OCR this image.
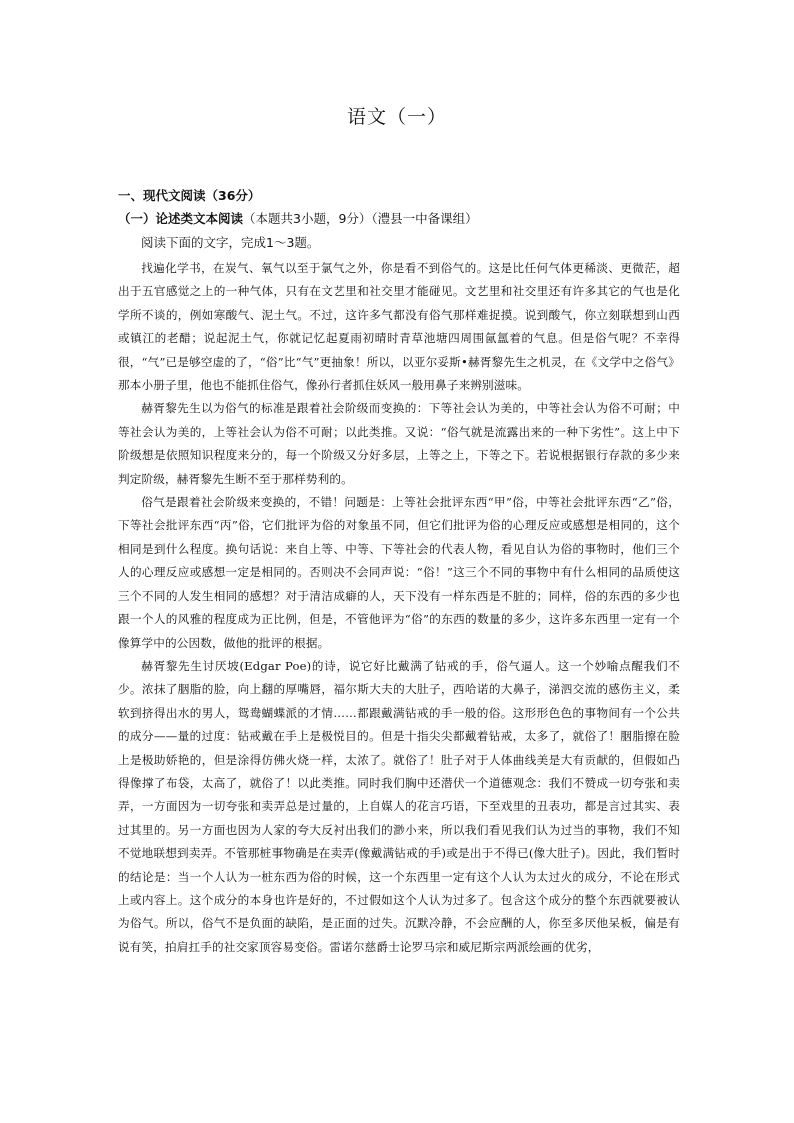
语文（一）
一、现代文阅读（36分）
（一）论述类文本阅读（本题共3小题，9分）（澧县一中备课组）
阅读下面的文字，完成1～3题。

找遍化学书，在炭气、氧气以至于氯气之外，你是看不到俗气的。这是比任何气体更稀淡、更微茫，超出于五官感觉之上的一种气体，只有在文艺里和社交里才能碰见。文艺里和社交里还有许多其它的气也是化学所不谈的，例如寒酸气、泥土气。不过，这许多气都没有俗气那样难捉摸。说到酸气，你立刻联想到山西或镇江的老醋；说起泥土气，你就记忆起夏雨初晴时青草池塘四周围氤氲着的气息。但是俗气呢？不幸得很，“气”已是够空虚的了，“俗”比“气”更抽象！所以，以亚尔妥斯•赫胥黎先生之机灵，在《文学中之俗气》那本小册子里，他也不能抓住俗气，像孙行者抓住妖风一般用鼻子来辨别滋味。

赫胥黎先生以为俗气的标准是跟着社会阶级而变换的：下等社会认为美的，中等社会认为俗不可耐；中等社会认为美的，上等社会认为俗不可耐；以此类推。又说：“俗气就是流露出来的一种下劣性”。这上中下阶级想是依照知识程度来分的，每一个阶级又分好多层，上等之上，下等之下。若说根据银行存款的多少来判定阶级，赫胥黎先生断不至于那样势利的。

俗气是跟着社会阶级来变换的，不错！问题是：上等社会批评东西“甲”俗，中等社会批评东西“乙”俗，下等社会批评东西“丙”俗，它们批评为俗的对象虽不同，但它们批评为俗的心理反应或感想是相同的，这个相同是到什么程度。换句话说：来自上等、中等、下等社会的代表人物，看见自认为俗的事物时，他们三个人的心理反应或感想一定是相同的。否则决不会同声说：“俗！”这三个不同的事物中有什么相同的品质使这三个不同的人发生相同的感想？对于清洁成癖的人，天下没有一样东西是不脏的；同样，俗的东西的多少也跟一个人的风雅的程度成为正比例，但是，不管他评为“俗”的东西的数量的多少，这许多东西里一定有一个像算学中的公因数，做他的批评的根据。

赫胥黎先生讨厌坡(Edgar Poe)的诗，说它好比戴满了钻戒的手，俗气逼人。这一个妙喻点醒我们不少。浓抹了胭脂的脸，向上翻的厚嘴唇，福尔斯大夫的大肚子，西哈诺的大鼻子，涕泗交流的感伤主义，柔软到挤得出水的男人，鸳鸯蝴蝶派的才情……都跟戴满钻戒的手一般的俗。这形形色色的事物间有一个公共的成分——量的过度：钻戒戴在手上是极悦目的。但是十指尖尖都戴着钻戒，太多了，就俗了！胭脂擦在脸上是极助娇艳的，但是涂得仿佛火烧一样，太浓了。就俗了！肚子对于人体曲线美是大有贡献的，但假如凸得像撑了布袋，太高了，就俗了！以此类推。同时我们胸中还潜伏一个道德观念：我们不赞成一切夸张和卖弄，一方面因为一切夸张和卖弄总是过量的，上自媒人的花言巧语，下至戏里的丑表功，都是言过其实、表过其里的。另一方面也因为人家的夸大反衬出我们的渺小来，所以我们看见我们认为过当的事物，我们不知不觉地联想到卖弄。不管那桩事物确是在卖弄(像戴满钻戒的手)或是出于不得已(像大肚子)。因此，我们暂时的结论是：当一个人认为一桩东西为俗的时候，这一个东西里一定有这个人认为太过火的成分，不论在形式上或内容上。这个成分的本身也许是好的，不过假如这个人认为过多了。包含这个成分的整个东西就要被认为俗气。所以，俗气不是负面的缺陷，是正面的过失。沉默冷静，不会应酬的人，你至多厌他呆板，偏是有说有笑，拍肩扛手的社交家顶容易变俗。雷诺尔慈爵士论罗马宗和威尼斯宗两派绘画的优劣，
